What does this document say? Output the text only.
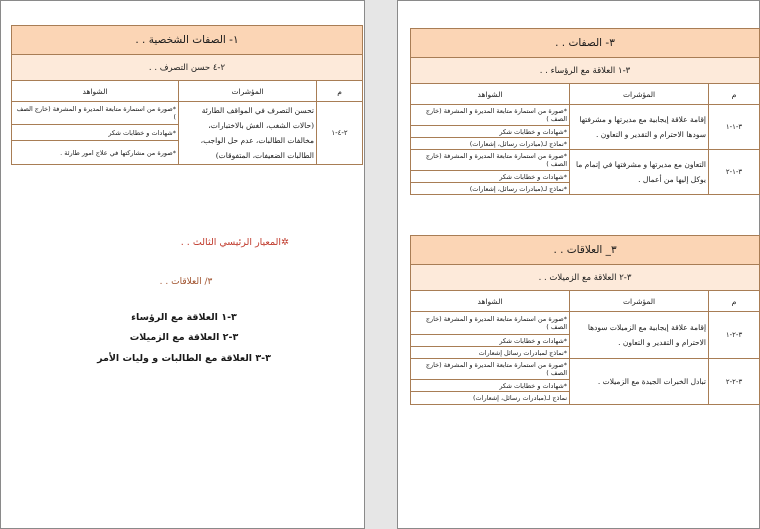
١- الصفات الشخصية . .		
٢-٤ حسن التصرف . .		
م	المؤشرات	الشواهد
٢-٤-١	تحسن التصرف في المواقف الطارئة (حالات الشغب، الغش بالاختبارات، مخالفات الطالبات، عدم حل الواجب، الطالبات الضعيفات، المتفوقات)	*صورة من استمارة متابعة المديرة و المشرفة (خارج الصف )
		*شهادات و خطابات شكر
		*صورة من مشاركتها في علاج امور طارئة .
✲المعيار الرئيسي الثالث . .
٣/ العلاقات . .
٣-١ العلاقة مع الرؤساء
٣-٢ العلاقة مع الزميلات
٣-٣ العلاقة مع الطالبات و وليات الأمر
٣- الصفات . .		
٣-١ العلاقة مع الرؤساء . .		
م	المؤشرات	الشواهد
٣-١-١	إقامة علاقة إيجابية مع مديرتها و مشرفتها سودها الاحترام و التقدير و التعاون .	*صورة من استمارة متابعة المديرة و المشرفة (خارج الصف )
		*شهادات و خطابات شكر
		*نماذج لـ(مبادرات رسائل، إشعارات)
٣-١-٢	التعاون مع مديرتها و مشرفتها في إتمام ما يوكل إليها من أعمال .	*صورة من استمارة متابعة المديرة و المشرفة (خارج الصف )
		*شهادات و خطابات شكر
		*نماذج لـ(مبادرات رسائل، إشعارات)
٣_ العلاقات . .		
٣-٢ العلاقة مع الزميلات . .		
م	المؤشرات	الشواهد
٣-٢-١	إقامة علاقة إيجابية مع الزميلات سودها الاحترام و التقدير و التعاون .	*صورة من استمارة متابعة المديرة و المشرفة (خارج الصف )
		*شهادات و خطابات شكر
		*نماذج لمبادرات رسائل إشعارات
٣-٢-٢	تبادل الخبرات الجيدة مع الزميلات .	*صورة من استمارة متابعة المديرة و المشرفة (خارج الصف )
		*شهادات و خطابات شكر
		نماذج لـ(مبادرات رسائل، إشعارات)
